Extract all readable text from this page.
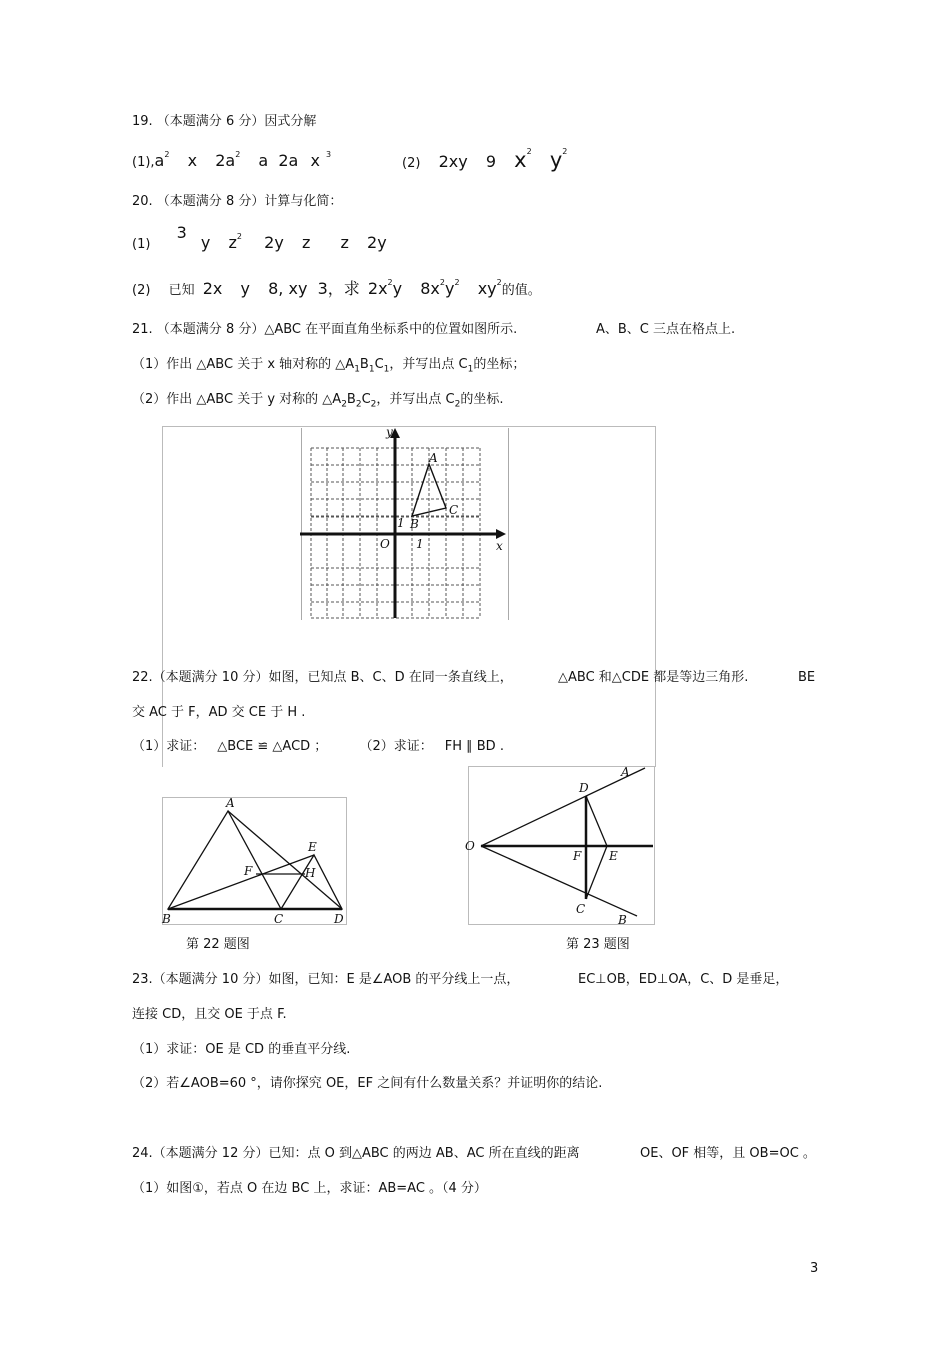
19. （本题满分 6 分）因式分解
$(1),a^2$ x $2a^2$ a 2a x $^3$
(2) 2xy 9 $x^2$ $y^2$
20. （本题满分 8 分）计算与化简：
(1) 3 y $z^2$ 2y z z 2y
(2) 已知 2x y 8, xy 3，求 $2x^2y$ $8x^2y^2$ $xy^2$的值。
21. （本题满分 8 分）△ABC 在平面直角坐标系中的位置如图所示.	A、B、C 三点在格点上.
（1）作出 △ABC 关于 x 轴对称的 $\triangle A_1B_1C_1$，并写出点 $C_1$的坐标；
（2）作出 △ABC 关于 y 对称的 $\triangle A_2B_2C_2$，并写出点 $C_2$的坐标.
y
x
A
B
C
O
1
1
22.（本题满分 10 分）如图，已知点 B、C、D 在同一条直线上，	△ABC 和△CDE 都是等边三角形.	BE
交 AC 于 F，AD 交 CE 于 H .
（1）求证： △BCE ≌ △ACD ； （2）求证： FH ∥ BD .
A
B	C	D
E
F	H
第 22 题图
O
A
B
C
D
E
F
第 23 题图
23.（本题满分 10 分）如图，已知：E 是∠AOB 的平分线上一点，	EC⊥OB，ED⊥OA，C、D 是垂足，
连接 CD，且交 OE 于点 F.
（1）求证：OE 是 CD 的垂直平分线.
（2）若∠AOB=60 °，请你探究 OE，EF 之间有什么数量关系？并证明你的结论.
24.（本题满分 12 分）已知：点 O 到△ABC 的两边 AB、AC 所在直线的距离	OE、OF 相等，且 OB=OC 。
（1）如图①，若点 O 在边 BC 上，求证：AB=AC 。（4 分）
3
